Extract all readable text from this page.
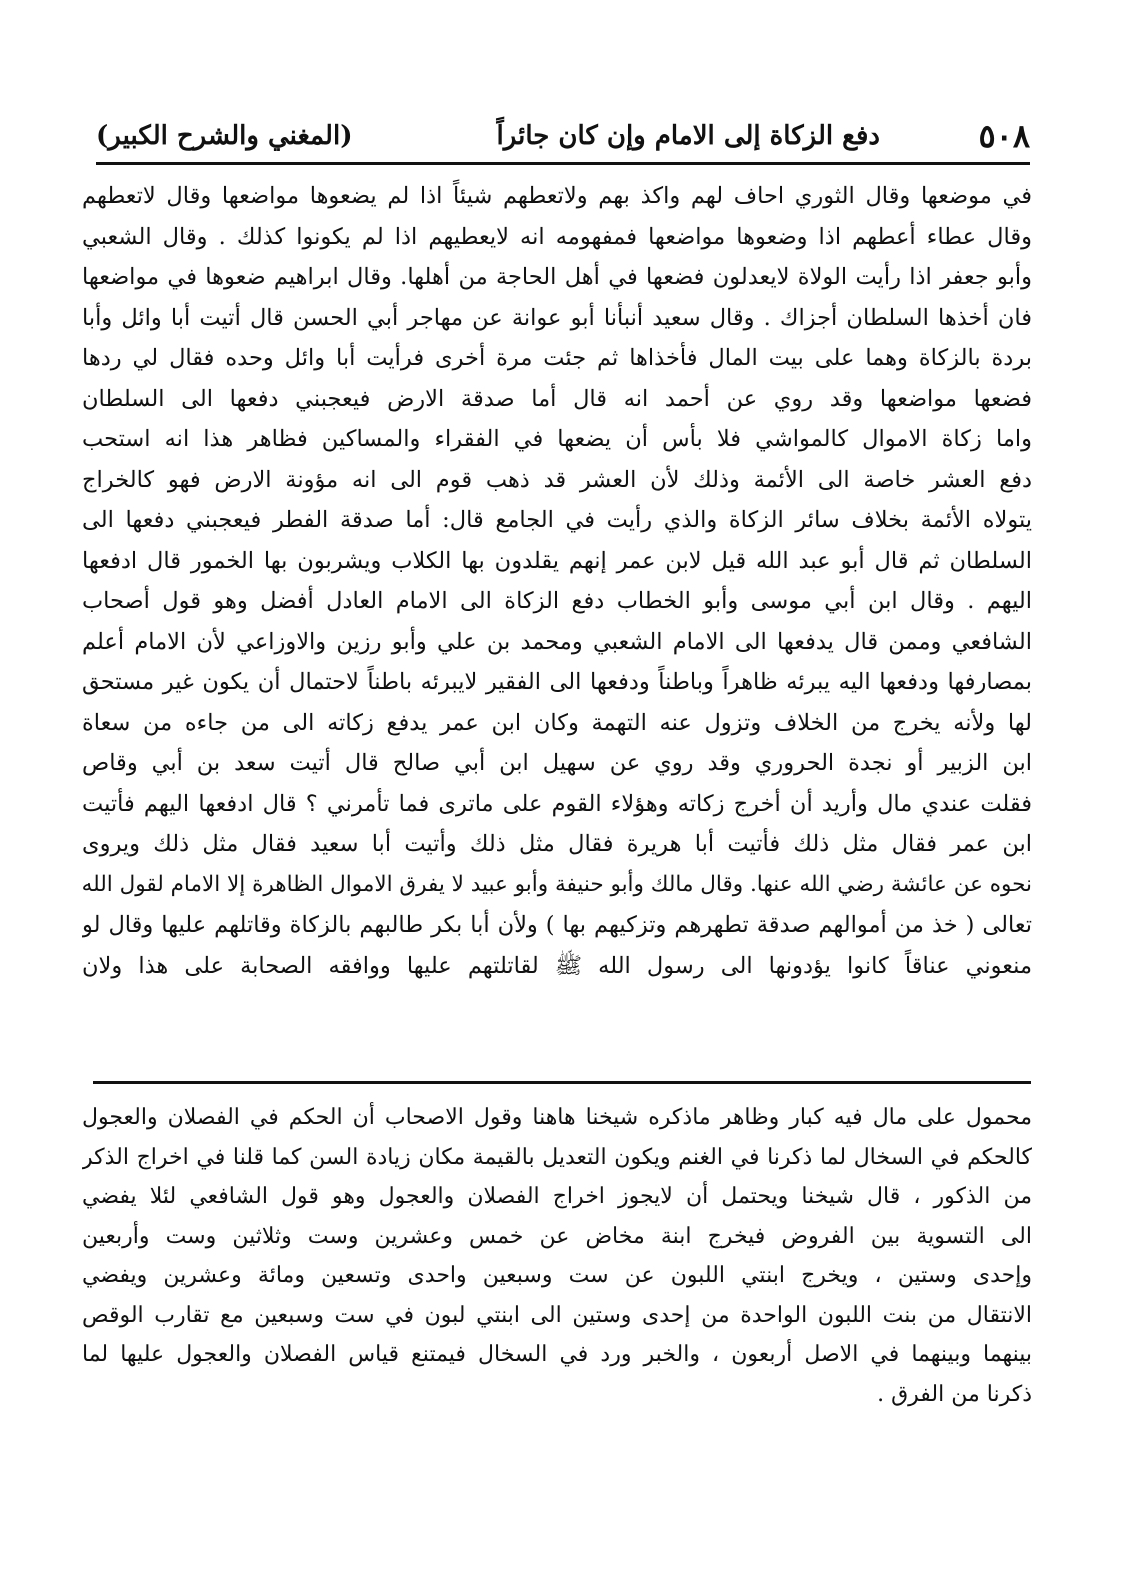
٥٠٨
دفع الزكاة إلى الامام وإن كان جائراً
(المغني والشرح الكبير)
في موضعها وقال الثوري احاف لهم واكذ بهم ولاتعطهم شيئاً اذا لم يضعوها مواضعها وقال لاتعطهم
وقال عطاء أعطهم اذا وضعوها مواضعها فمفهومه انه لايعطيهم اذا لم يكونوا كذلك . وقال الشعبي
وأبو جعفر اذا رأيت الولاة لايعدلون فضعها في أهل الحاجة من أهلها. وقال ابراهيم ضعوها في مواضعها
فان أخذها السلطان أجزاك . وقال سعيد أنبأنا أبو عوانة عن مهاجر أبي الحسن قال أتيت أبا وائل وأبا
بردة بالزكاة وهما على بيت المال فأخذاها ثم جئت مرة أخرى فرأيت أبا وائل وحده فقال لي ردها
فضعها مواضعها وقد روي عن أحمد انه قال أما صدقة الارض فيعجبني دفعها الى السلطان
واما زكاة الاموال كالمواشي فلا بأس أن يضعها في الفقراء والمساكين فظاهر هذا انه استحب
دفع العشر خاصة الى الأئمة وذلك لأن العشر قد ذهب قوم الى انه مؤونة الارض فهو كالخراج
يتولاه الأئمة بخلاف سائر الزكاة والذي رأيت في الجامع قال: أما صدقة الفطر فيعجبني دفعها الى
السلطان ثم قال أبو عبد الله قيل لابن عمر إنهم يقلدون بها الكلاب ويشربون بها الخمور قال ادفعها
اليهم . وقال ابن أبي موسى وأبو الخطاب دفع الزكاة الى الامام العادل أفضل وهو قول أصحاب
الشافعي وممن قال يدفعها الى الامام الشعبي ومحمد بن علي وأبو رزين والاوزاعي لأن الامام أعلم
بمصارفها ودفعها اليه يبرئه ظاهراً وباطناً ودفعها الى الفقير لايبرئه باطناً لاحتمال أن يكون غير مستحق
لها ولأنه يخرج من الخلاف وتزول عنه التهمة وكان ابن عمر يدفع زكاته الى من جاءه من سعاة
ابن الزبير أو نجدة الحروري وقد روي عن سهيل ابن أبي صالح قال أتيت سعد بن أبي وقاص
فقلت عندي مال وأريد أن أخرج زكاته وهؤلاء القوم على ماترى فما تأمرني ؟ قال ادفعها اليهم فأتيت
ابن عمر فقال مثل ذلك فأتيت أبا هريرة فقال مثل ذلك وأتيت أبا سعيد فقال مثل ذلك ويروى
نحوه عن عائشة رضي الله عنها. وقال مالك وأبو حنيفة وأبو عبيد لا يفرق الاموال الظاهرة إلا الامام لقول الله
تعالى ( خذ من أموالهم صدقة تطهرهم وتزكيهم بها ) ولأن أبا بكر طالبهم بالزكاة وقاتلهم عليها وقال لو
منعوني عناقاً كانوا يؤدونها الى رسول الله ﷺ لقاتلتهم عليها ووافقه الصحابة على هذا ولان
محمول على مال فيه كبار وظاهر ماذكره شيخنا هاهنا وقول الاصحاب أن الحكم في الفصلان والعجول
كالحكم في السخال لما ذكرنا في الغنم ويكون التعديل بالقيمة مكان زيادة السن كما قلنا في اخراج الذكر
من الذكور ، قال شيخنا ويحتمل أن لايجوز اخراج الفصلان والعجول وهو قول الشافعي لئلا يفضي
الى التسوية بين الفروض فيخرج ابنة مخاض عن خمس وعشرين وست وثلاثين وست وأربعين
وإحدى وستين ، ويخرج ابنتي اللبون عن ست وسبعين واحدى وتسعين ومائة وعشرين ويفضي
الانتقال من بنت اللبون الواحدة من إحدى وستين الى ابنتي لبون في ست وسبعين مع تقارب الوقص
بينهما وبينهما في الاصل أربعون ، والخبر ورد في السخال فيمتنع قياس الفصلان والعجول عليها لما
ذكرنا من الفرق .
